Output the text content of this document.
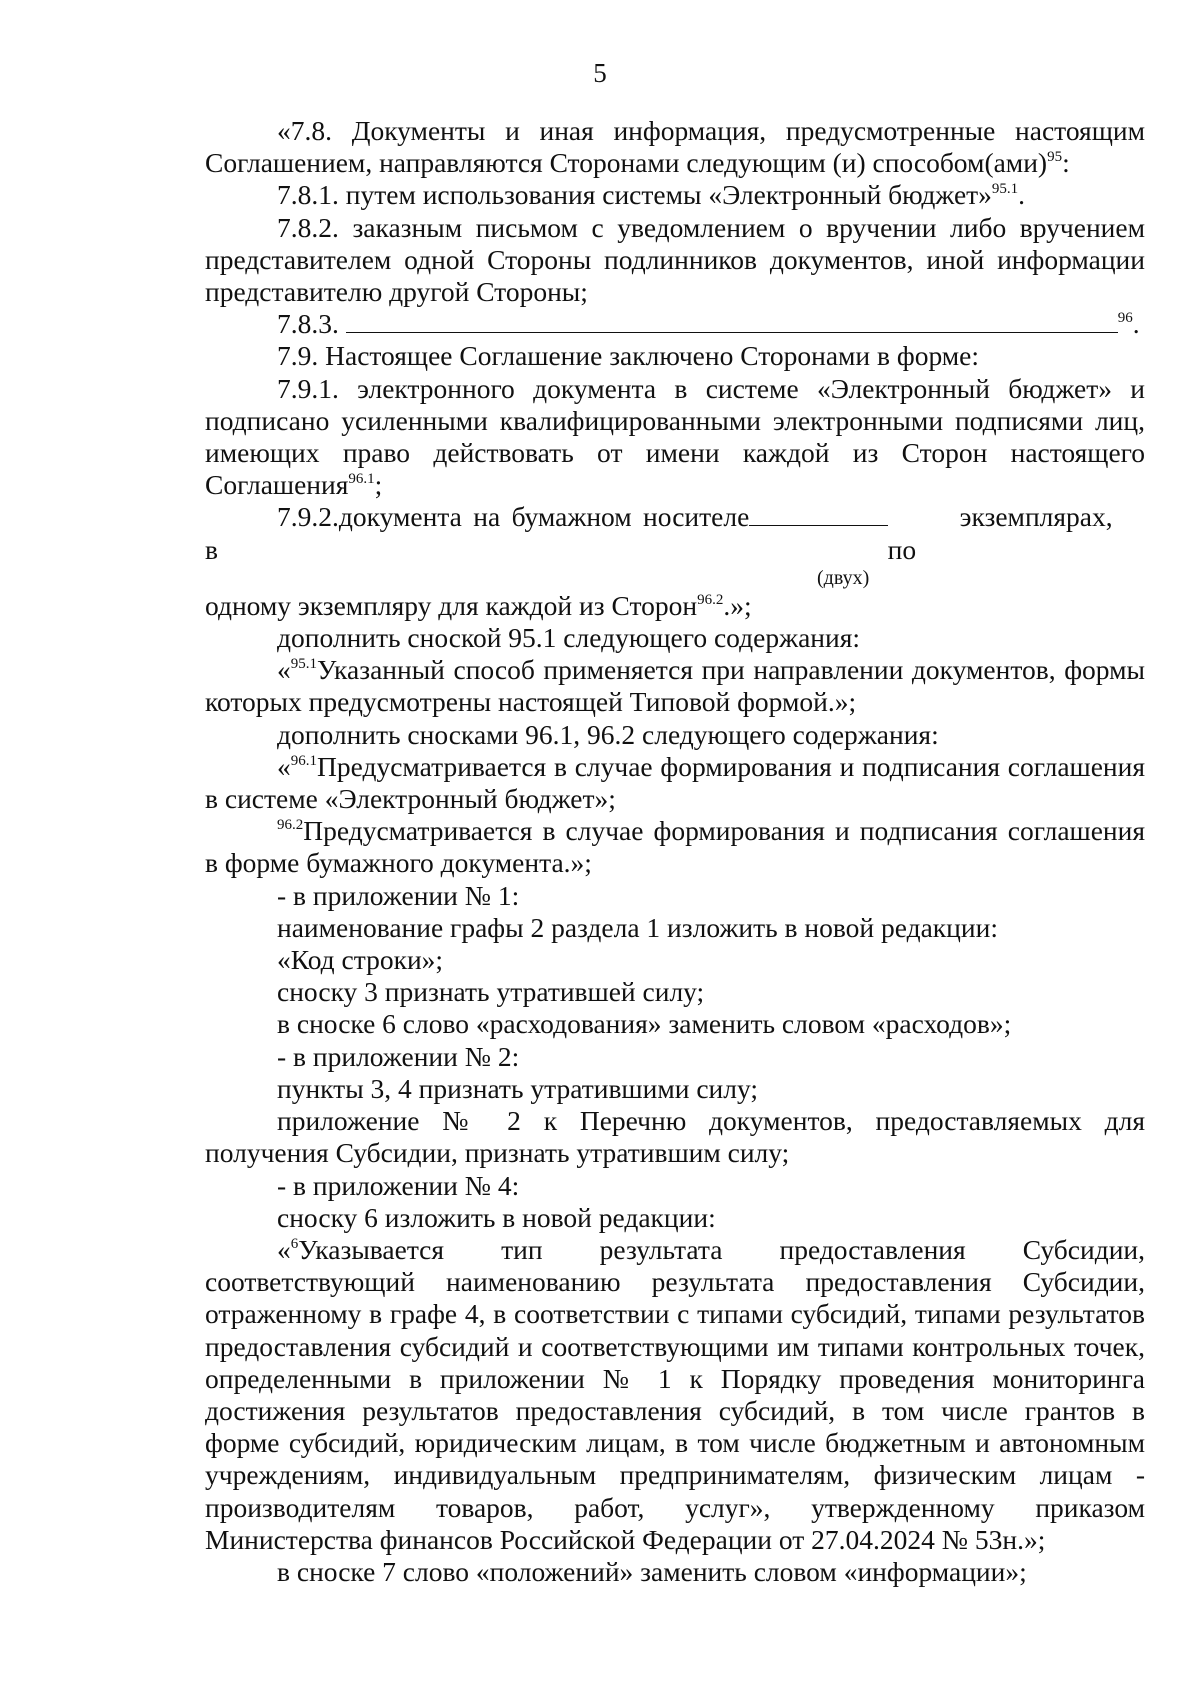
5

«7.8. Документы и иная информация, предусмотренные настоящим Соглашением, направляются Сторонами следующим (и) способом(ами)$^{95}$:

7.8.1. путем использования системы «Электронный бюджет»$^{95.1}$.

7.8.2. заказным письмом с уведомлением о вручении либо вручением представителем одной Стороны подлинников документов, иной информации представителю другой Стороны;

7.8.3.	$^{96}$.

7.9. Настоящее Соглашение заключено Сторонами в форме:

7.9.1. электронного документа в системе «Электронный бюджет» и подписано усиленными квалифицированными электронными подписями лиц, имеющих право действовать от имени каждой из Сторон настоящего Соглашения$^{96.1}$;

7.9.2.документа на бумажном носителе в
экземплярах, по

(двух)

одному экземпляру для каждой из Сторон$^{96.2}$.»;

дополнить сноской 95.1 следующего содержания:

«$^{95.1}$Указанный способ применяется при направлении документов, формы которых предусмотрены настоящей Типовой формой.»;

дополнить сносками 96.1, 96.2 следующего содержания:

«$^{96.1}$Предусматривается в случае формирования и подписания соглашения в системе «Электронный бюджет»;

$^{96.2}$Предусматривается в случае формирования и подписания соглашения в форме бумажного документа.»;

- в приложении № 1:

наименование графы 2 раздела 1 изложить в новой редакции:

«Код строки»;

сноску 3 признать утратившей силу;

в сноске 6 слово «расходования» заменить словом «расходов»;

- в приложении № 2:

пункты 3, 4 признать утратившими силу;

приложение № 2 к Перечню документов, предоставляемых для получения Субсидии, признать утратившим силу;

- в приложении № 4:

сноску 6 изложить в новой редакции:

«$^6$Указывается тип результата предоставления Субсидии, соответствующий наименованию результата предоставления Субсидии, отраженному в графе 4, в соответствии с типами субсидий, типами результатов предоставления субсидий и соответствующими им типами контрольных точек, определенными в приложении № 1 к Порядку проведения мониторинга достижения результатов предоставления субсидий, в том числе грантов в форме субсидий, юридическим лицам, в том числе бюджетным и автономным учреждениям, индивидуальным предпринимателям, физическим лицам - производителям товаров, работ, услуг», утвержденному приказом Министерства финансов Российской Федерации от 27.04.2024 № 53н.»;

в сноске 7 слово «положений» заменить словом «информации»;
